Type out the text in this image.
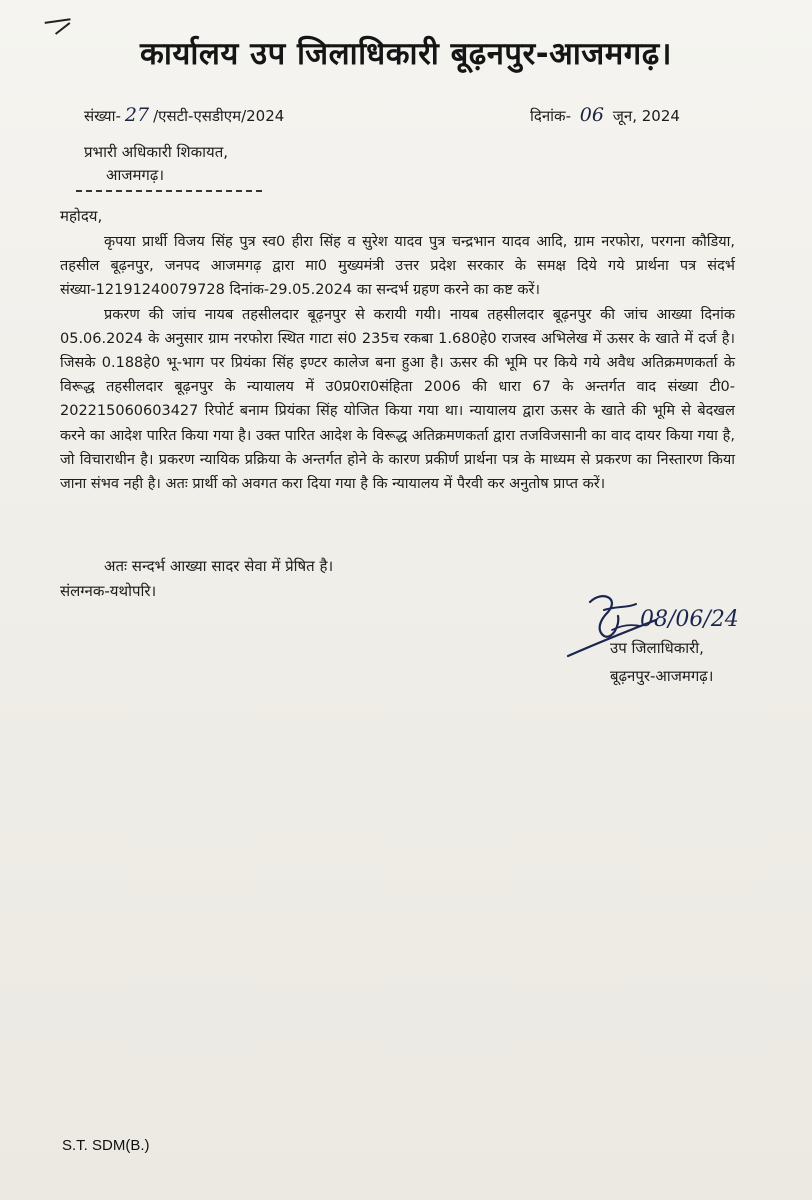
कार्यालय उप जिलाधिकारी बूढ़नपुर-आजमगढ़।
संख्या- 27 /एसटी-एसडीएम/2024	दिनांक- 06 जून, 2024
प्रभारी अधिकारी शिकायत,
आजमगढ़।
महोदय,

कृपया प्रार्थी विजय सिंह पुत्र स्व0 हीरा सिंह व सुरेश यादव पुत्र चन्द्रभान यादव आदि, ग्राम नरफोरा, परगना कौडिया, तहसील बूढ़नपुर, जनपद आजमगढ़ द्वारा मा0 मुख्यमंत्री उत्तर प्रदेश सरकार के समक्ष दिये गये प्रार्थना पत्र संदर्भ संख्या-12191240079728 दिनांक-29.05.2024 का सन्दर्भ ग्रहण करने का कष्ट करें।

प्रकरण की जांच नायब तहसीलदार बूढ़नपुर से करायी गयी। नायब तहसीलदार बूढ़नपुर की जांच आख्या दिनांक 05.06.2024 के अनुसार ग्राम नरफोरा स्थित गाटा सं0 235च रकबा 1.680हे0 राजस्व अभिलेख में ऊसर के खाते में दर्ज है। जिसके 0.188हे0 भू-भाग पर प्रियंका सिंह इण्टर कालेज बना हुआ है। ऊसर की भूमि पर किये गये अवैध अतिक्रमणकर्ता के विरूद्ध तहसीलदार बूढ़नपुर के न्यायालय में उ0प्र0रा0संहिता 2006 की धारा 67 के अन्तर्गत वाद संख्या टी0-202215060603427 रिपोर्ट बनाम प्रियंका सिंह योजित किया गया था। न्यायालय द्वारा ऊसर के खाते की भूमि से बेदखल करने का आदेश पारित किया गया है। उक्त पारित आदेश के विरूद्ध अतिक्रमणकर्ता द्वारा तजविजसानी का वाद दायर किया गया है, जो विचाराधीन है। प्रकरण न्यायिक प्रक्रिया के अन्तर्गत होने के कारण प्रकीर्ण प्रार्थना पत्र के माध्यम से प्रकरण का निस्तारण किया जाना संभव नही है। अतः प्रार्थी को अवगत करा दिया गया है कि न्यायालय में पैरवी कर अनुतोष प्राप्त करें।

अतः सन्दर्भ आख्या सादर सेवा में प्रेषित है।
संलग्नक-यथोपरि।
08/06/24
उप जिलाधिकारी,
बूढ़नपुर-आजमगढ़।
S.T. SDM(B.)
